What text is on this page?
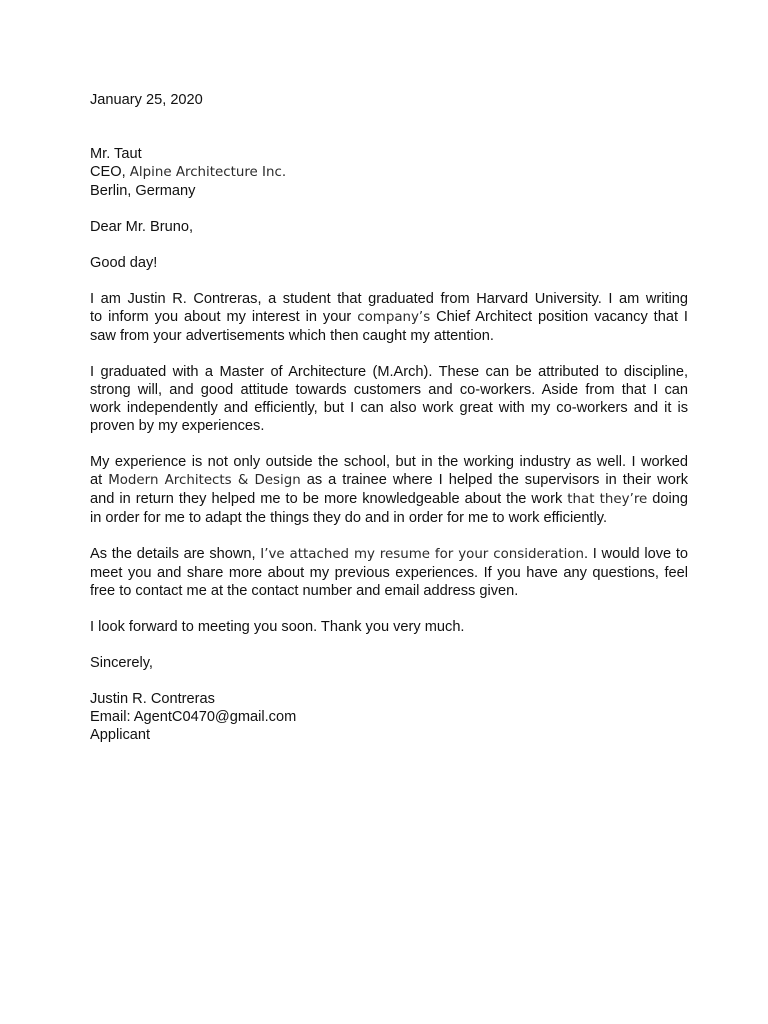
January 25, 2020
Mr. Taut
CEO, Alpine Architecture Inc.
Berlin, Germany
Dear Mr. Bruno,
Good day!
I am Justin R. Contreras, a student that graduated from Harvard University. I am writing
to inform you about my interest in your company’s Chief Architect position vacancy that I
saw from your advertisements which then caught my attention.
I graduated with a Master of Architecture (M.Arch). These can be attributed to discipline,
strong will, and good attitude towards customers and co-workers. Aside from that I can
work independently and efficiently, but I can also work great with my co-workers and it is
proven by my experiences.
My experience is not only outside the school, but in the working industry as well. I worked
at Modern Architects & Design as a trainee where I helped the supervisors in their work
and in return they helped me to be more knowledgeable about the work that they’re doing
in order for me to adapt the things they do and in order for me to work efficiently.
As the details are shown, I’ve attached my resume for your consideration. I would love to
meet you and share more about my previous experiences. If you have any questions, feel
free to contact me at the contact number and email address given.
I look forward to meeting you soon. Thank you very much.
Sincerely,
Justin R. Contreras
Email: AgentC0470@gmail.com
Applicant
